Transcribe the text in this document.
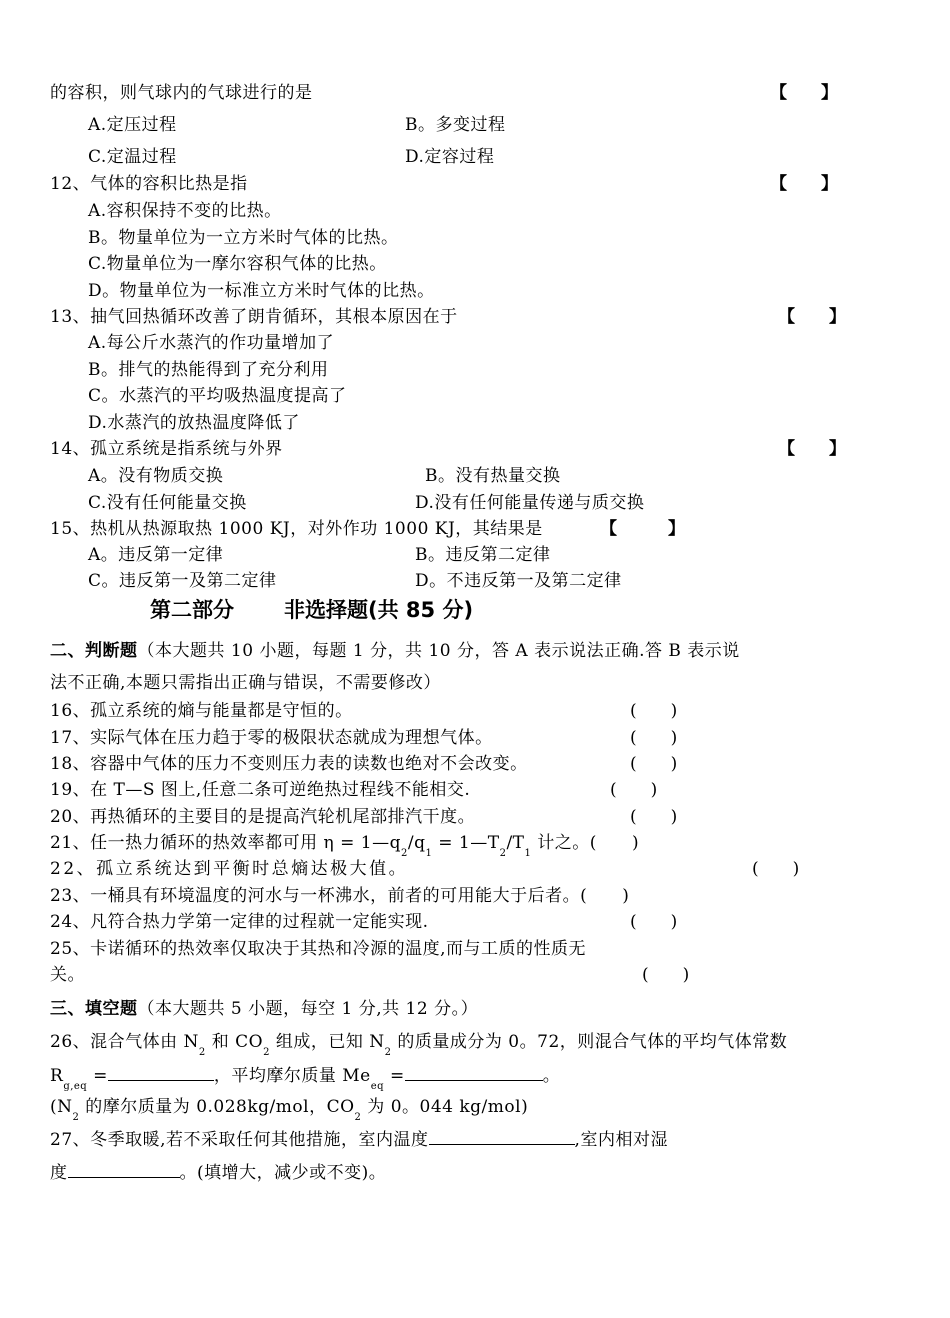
的容积，则气球内的气球进行的是	【　　】
A.定压过程	B。多变过程
C.定温过程	D.定容过程
12、气体的容积比热是指	【　　】
A.容积保持不变的比热。
B。物量单位为一立方米时气体的比热。
C.物量单位为一摩尔容积气体的比热。
D。物量单位为一标准立方米时气体的比热。
13、抽气回热循环改善了朗肯循环，其根本原因在于	【　　】
A.每公斤水蒸汽的作功量增加了
B。排气的热能得到了充分利用
C。水蒸汽的平均吸热温度提高了
D.水蒸汽的放热温度降低了
14、孤立系统是指系统与外界	【　　】
A。没有物质交换	B。没有热量交换
C.没有任何能量交换	D.没有任何能量传递与质交换
15、热机从热源取热 1000 KJ，对外作功 1000 KJ，其结果是	【　　　】
A。违反第一定律	B。违反第二定律
C。违反第一及第二定律	D。不违反第一及第二定律
第二部分 非选择题(共 85 分)
二、判断题（本大题共 10 小题，每题 1 分，共 10 分，答 A 表示说法正确.答 B 表示说
法不正确,本题只需指出正确与错误，不需要修改）
16、孤立系统的熵与能量都是守恒的。	(　　)
17、实际气体在压力趋于零的极限状态就成为理想气体。	(　　)
18、容器中气体的压力不变则压力表的读数也绝对不会改变。	(　　)
19、在 T—S 图上,任意二条可逆绝热过程线不能相交.	(　　)
20、再热循环的主要目的是提高汽轮机尾部排汽干度。	(　　)
21、任一热力循环的热效率都可用 $\eta = 1—q_2/q_1$ = $1—T_2/T_1$ 计之。(　　)
22、孤立系统达到平衡时总熵达极大值。	(　　)
23、一桶具有环境温度的河水与一杯沸水，前者的可用能大于后者。(　　)
24、凡符合热力学第一定律的过程就一定能实现.	(　　)
25、卡诺循环的热效率仅取决于其热和冷源的温度,而与工质的性质无
关。	(　　)
三、填空题（本大题共 5 小题，每空 1 分,共 12 分。）
26、混合气体由 $N_2$ 和 $CO_2$ 组成，已知 $N_2$ 的质量成分为 0。72，则混合气体的平均气体常数
$R_{g,eq}$ =	，平均摩尔质量 $Me_{eq}$ =	。
($N_2$ 的摩尔质量为 0.028kg/mol，$CO_2$ 为 0。044 kg/mol)
27、冬季取暖,若不采取任何其他措施，室内温度	,室内相对湿
度	。(填增大，减少或不变)。
